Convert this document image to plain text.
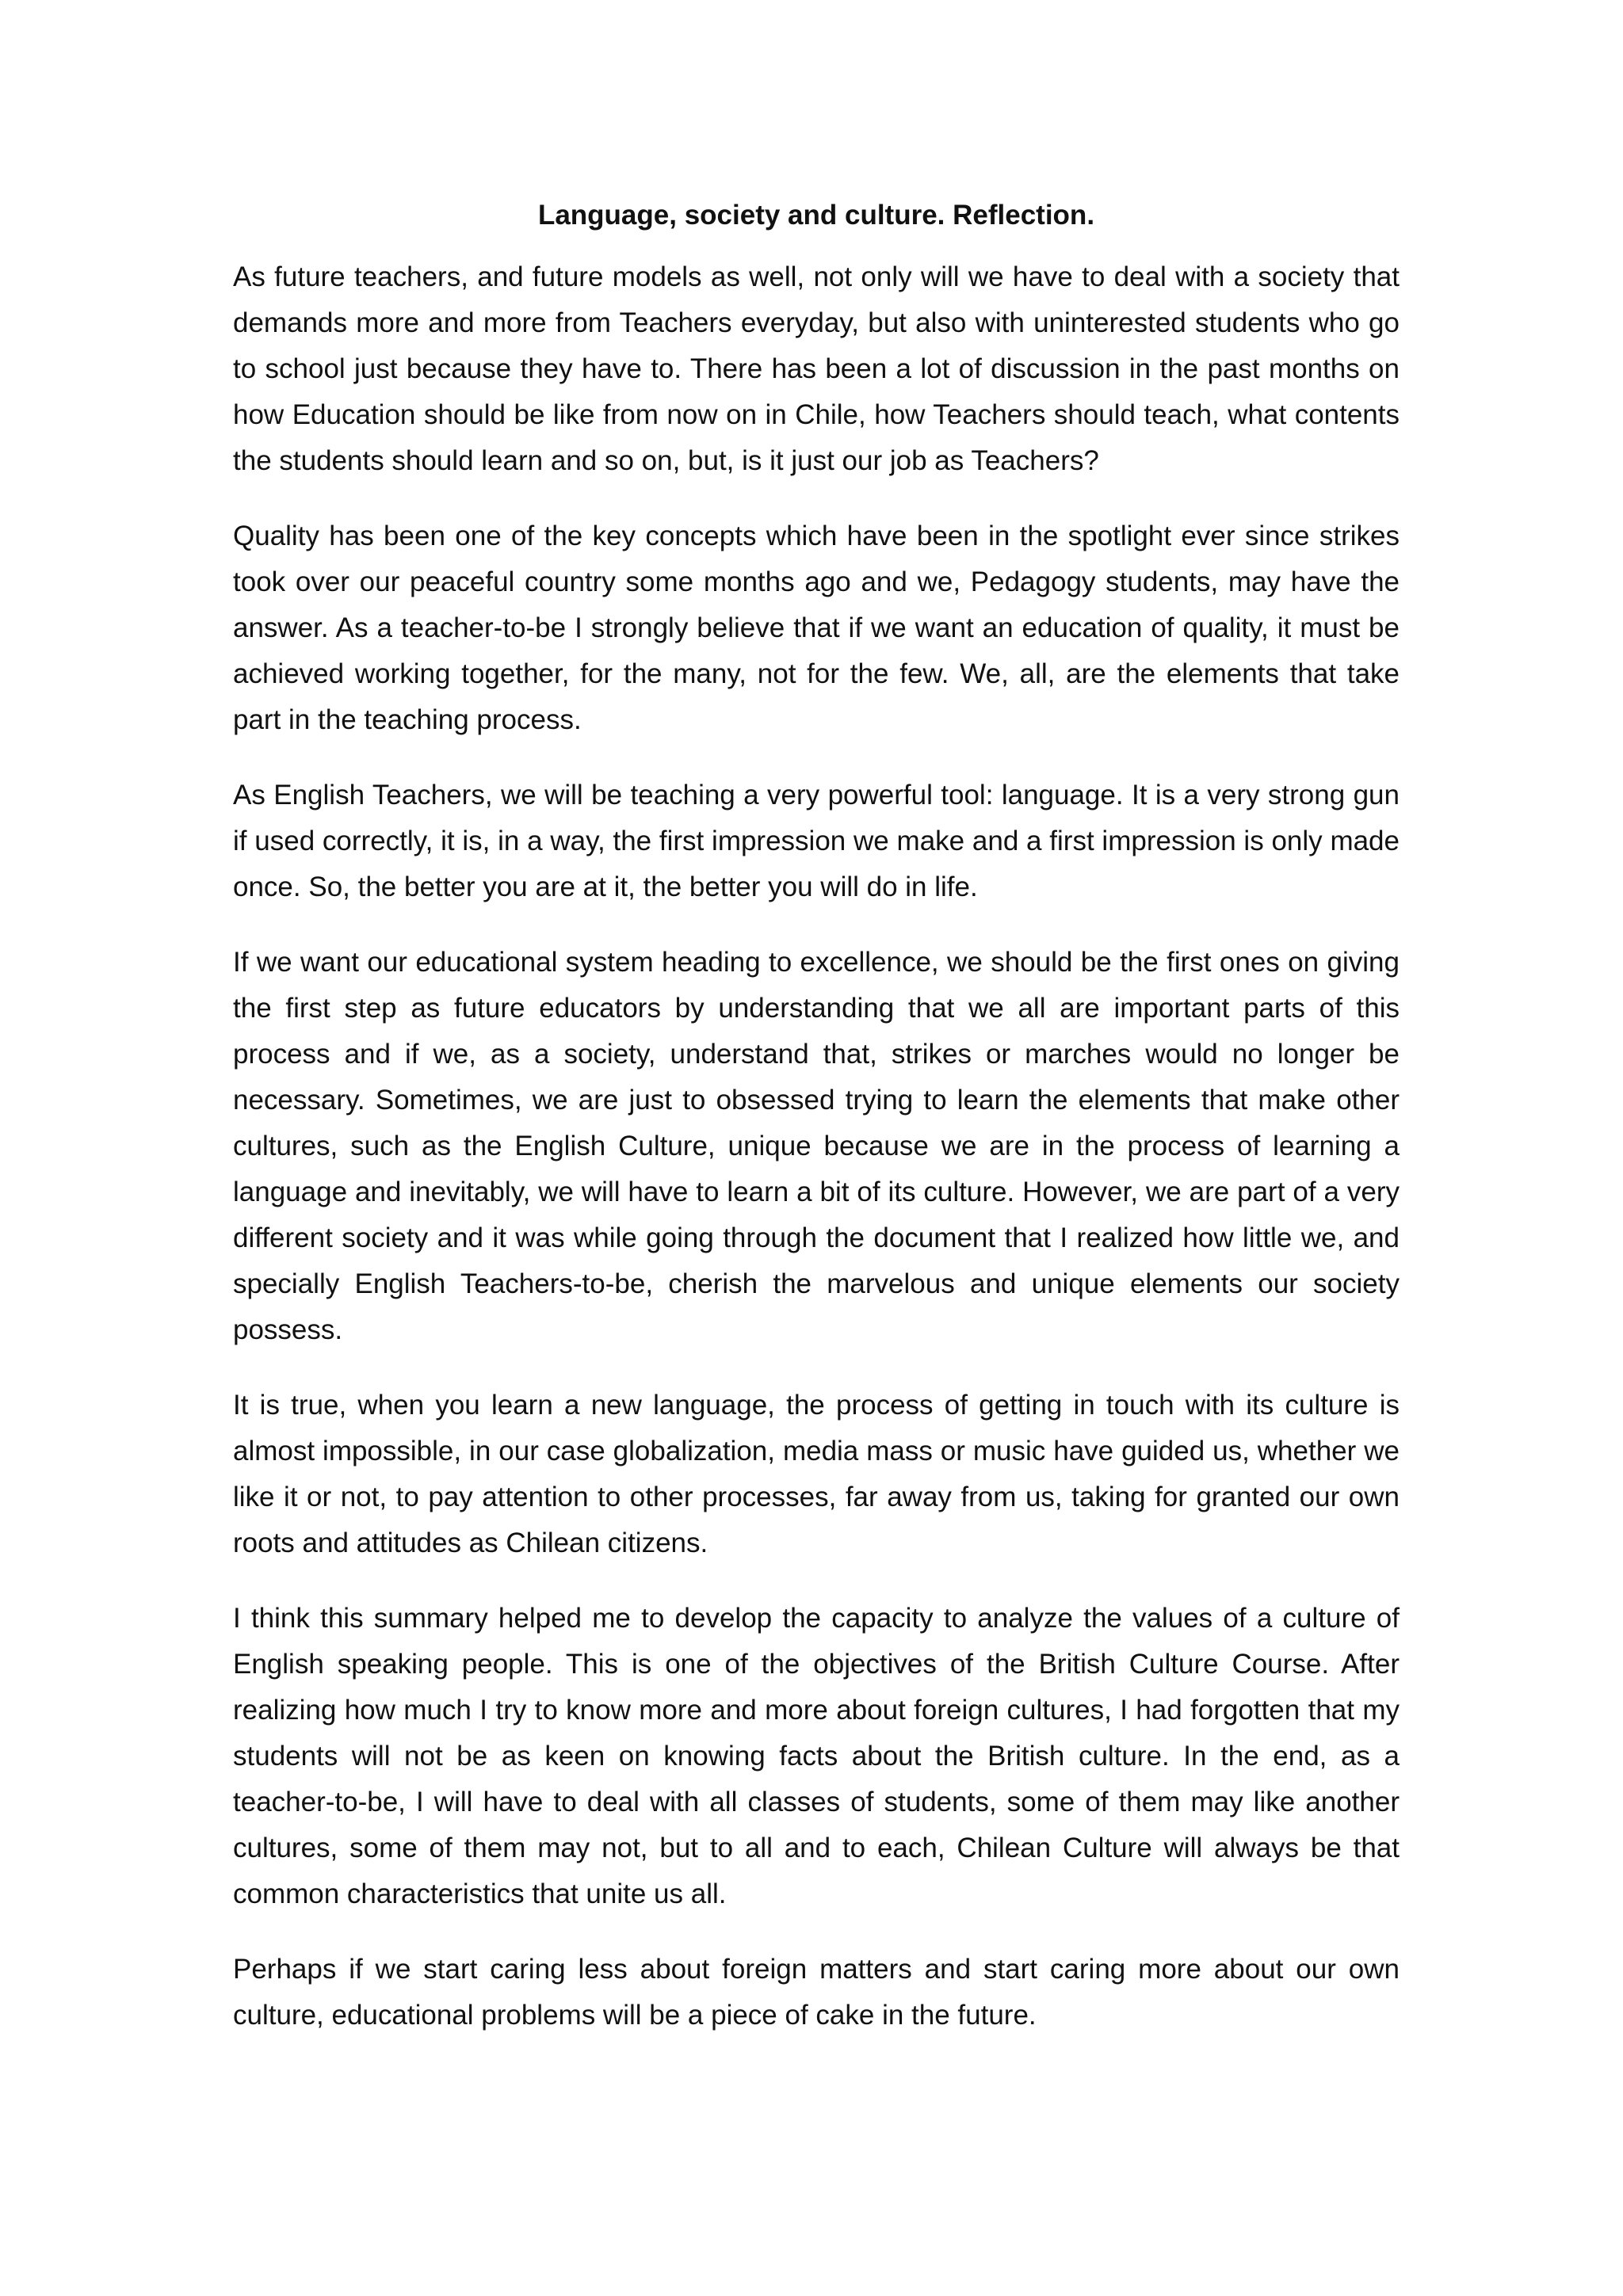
Language, society and culture. Reflection.

As future teachers, and future models as well, not only will we have to deal with a society that demands more and more from Teachers everyday, but also with uninterested students who go to school just because they have to. There has been a lot of discussion in the past months on how Education should be like from now on in Chile, how Teachers should teach, what contents the students should learn and so on, but, is it just our job as Teachers?

Quality has been one of the key concepts which have been in the spotlight ever since strikes took over our peaceful country some months ago and we, Pedagogy students, may have the answer. As a teacher-to-be I strongly believe that if we want an education of quality, it must be achieved working together, for the many, not for the few. We, all, are the elements that take part in the teaching process.

As English Teachers, we will be teaching a very powerful tool: language. It is a very strong gun if used correctly, it is, in a way, the first impression we make and a first impression is only made once. So, the better you are at it, the better you will do in life.

If we want our educational system heading to excellence, we should be the first ones on giving the first step as future educators by understanding that we all are important parts of this process and if we, as a society, understand that, strikes or marches would no longer be necessary. Sometimes, we are just to obsessed trying to learn the elements that make other cultures, such as the English Culture, unique because we are in the process of learning a language and inevitably, we will have to learn a bit of its culture. However, we are part of a very different society and it was while going through the document that I realized how little we, and specially English Teachers-to-be, cherish the marvelous and unique elements our society possess.

It is true, when you learn a new language, the process of getting in touch with its culture is almost impossible, in our case globalization, media mass or music have guided us, whether we like it or not, to pay attention to other processes, far away from us, taking for granted our own roots and attitudes as Chilean citizens.

I think this summary helped me to develop the capacity to analyze the values of a culture of English speaking people. This is one of the objectives of the British Culture Course. After realizing how much I try to know more and more about foreign cultures, I had forgotten that my students will not be as keen on knowing facts about the British culture. In the end, as a teacher-to-be, I will have to deal with all classes of students, some of them may like another cultures, some of them may not, but to all and to each, Chilean Culture will always be that common characteristics that unite us all.

Perhaps if we start caring less about foreign matters and start caring more about our own culture, educational problems will be a piece of cake in the future.
